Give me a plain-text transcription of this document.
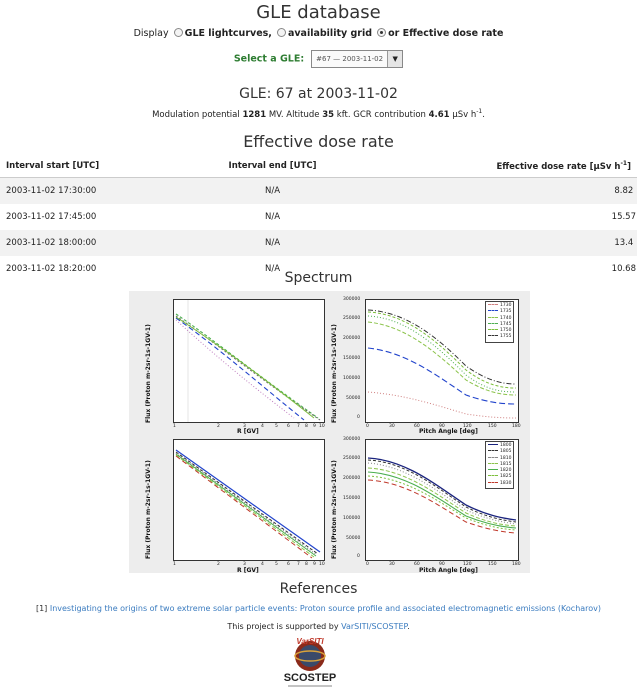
GLE database
Display GLE lightcurves, availability grid or Effective dose rate
Select a GLE: #67 — 2003-11-02	▼
GLE: 67 at 2003-11-02
Modulation potential 1281 MV. Altitude 35 kft. GCR contribution 4.61 μSv $h^{-1}$.
Effective dose rate
Interval start [UTC]	Interval end [UTC]	Effective dose rate [μSv $h^{-1}$]
2003-11-02 17:30:00	N/A	8.82
2003-11-02 17:45:00	N/A	15.57
2003-11-02 18:00:00	N/A	13.4
2003-11-02 18:20:00	N/A	10.68
Spectrum
Flux (Proton m-2sr-1s-1GV-1)
1	2	3	4 5 6 7 8 9 10
R [GV]
Flux (Proton m-2sr-1s-1GV-1)
300000
250000
200000
150000
100000
50000
0
1730
1735
1740
1745
1750
1755
0	30	60	90	120	150	180
Pitch Angle [deg]
Flux (Proton m-2sr-1s-1GV-1)
1	2	3	4 5 6 7 8 9 10
R [GV]
Flux (Proton m-2sr-1s-1GV-1)
300000
250000
200000
150000
100000
50000
0
1800
1805
1810
1815
1820
1825
1830
0	30	60	90	120	150	180
Pitch Angle [deg]
References
[1] Investigating the origins of two extreme solar particle events: Proton source profile and associated electromagnetic emissions (Kocharov)
This project is supported by VarSITI/SCOSTEP.
VarSITI
SCOSTEP
